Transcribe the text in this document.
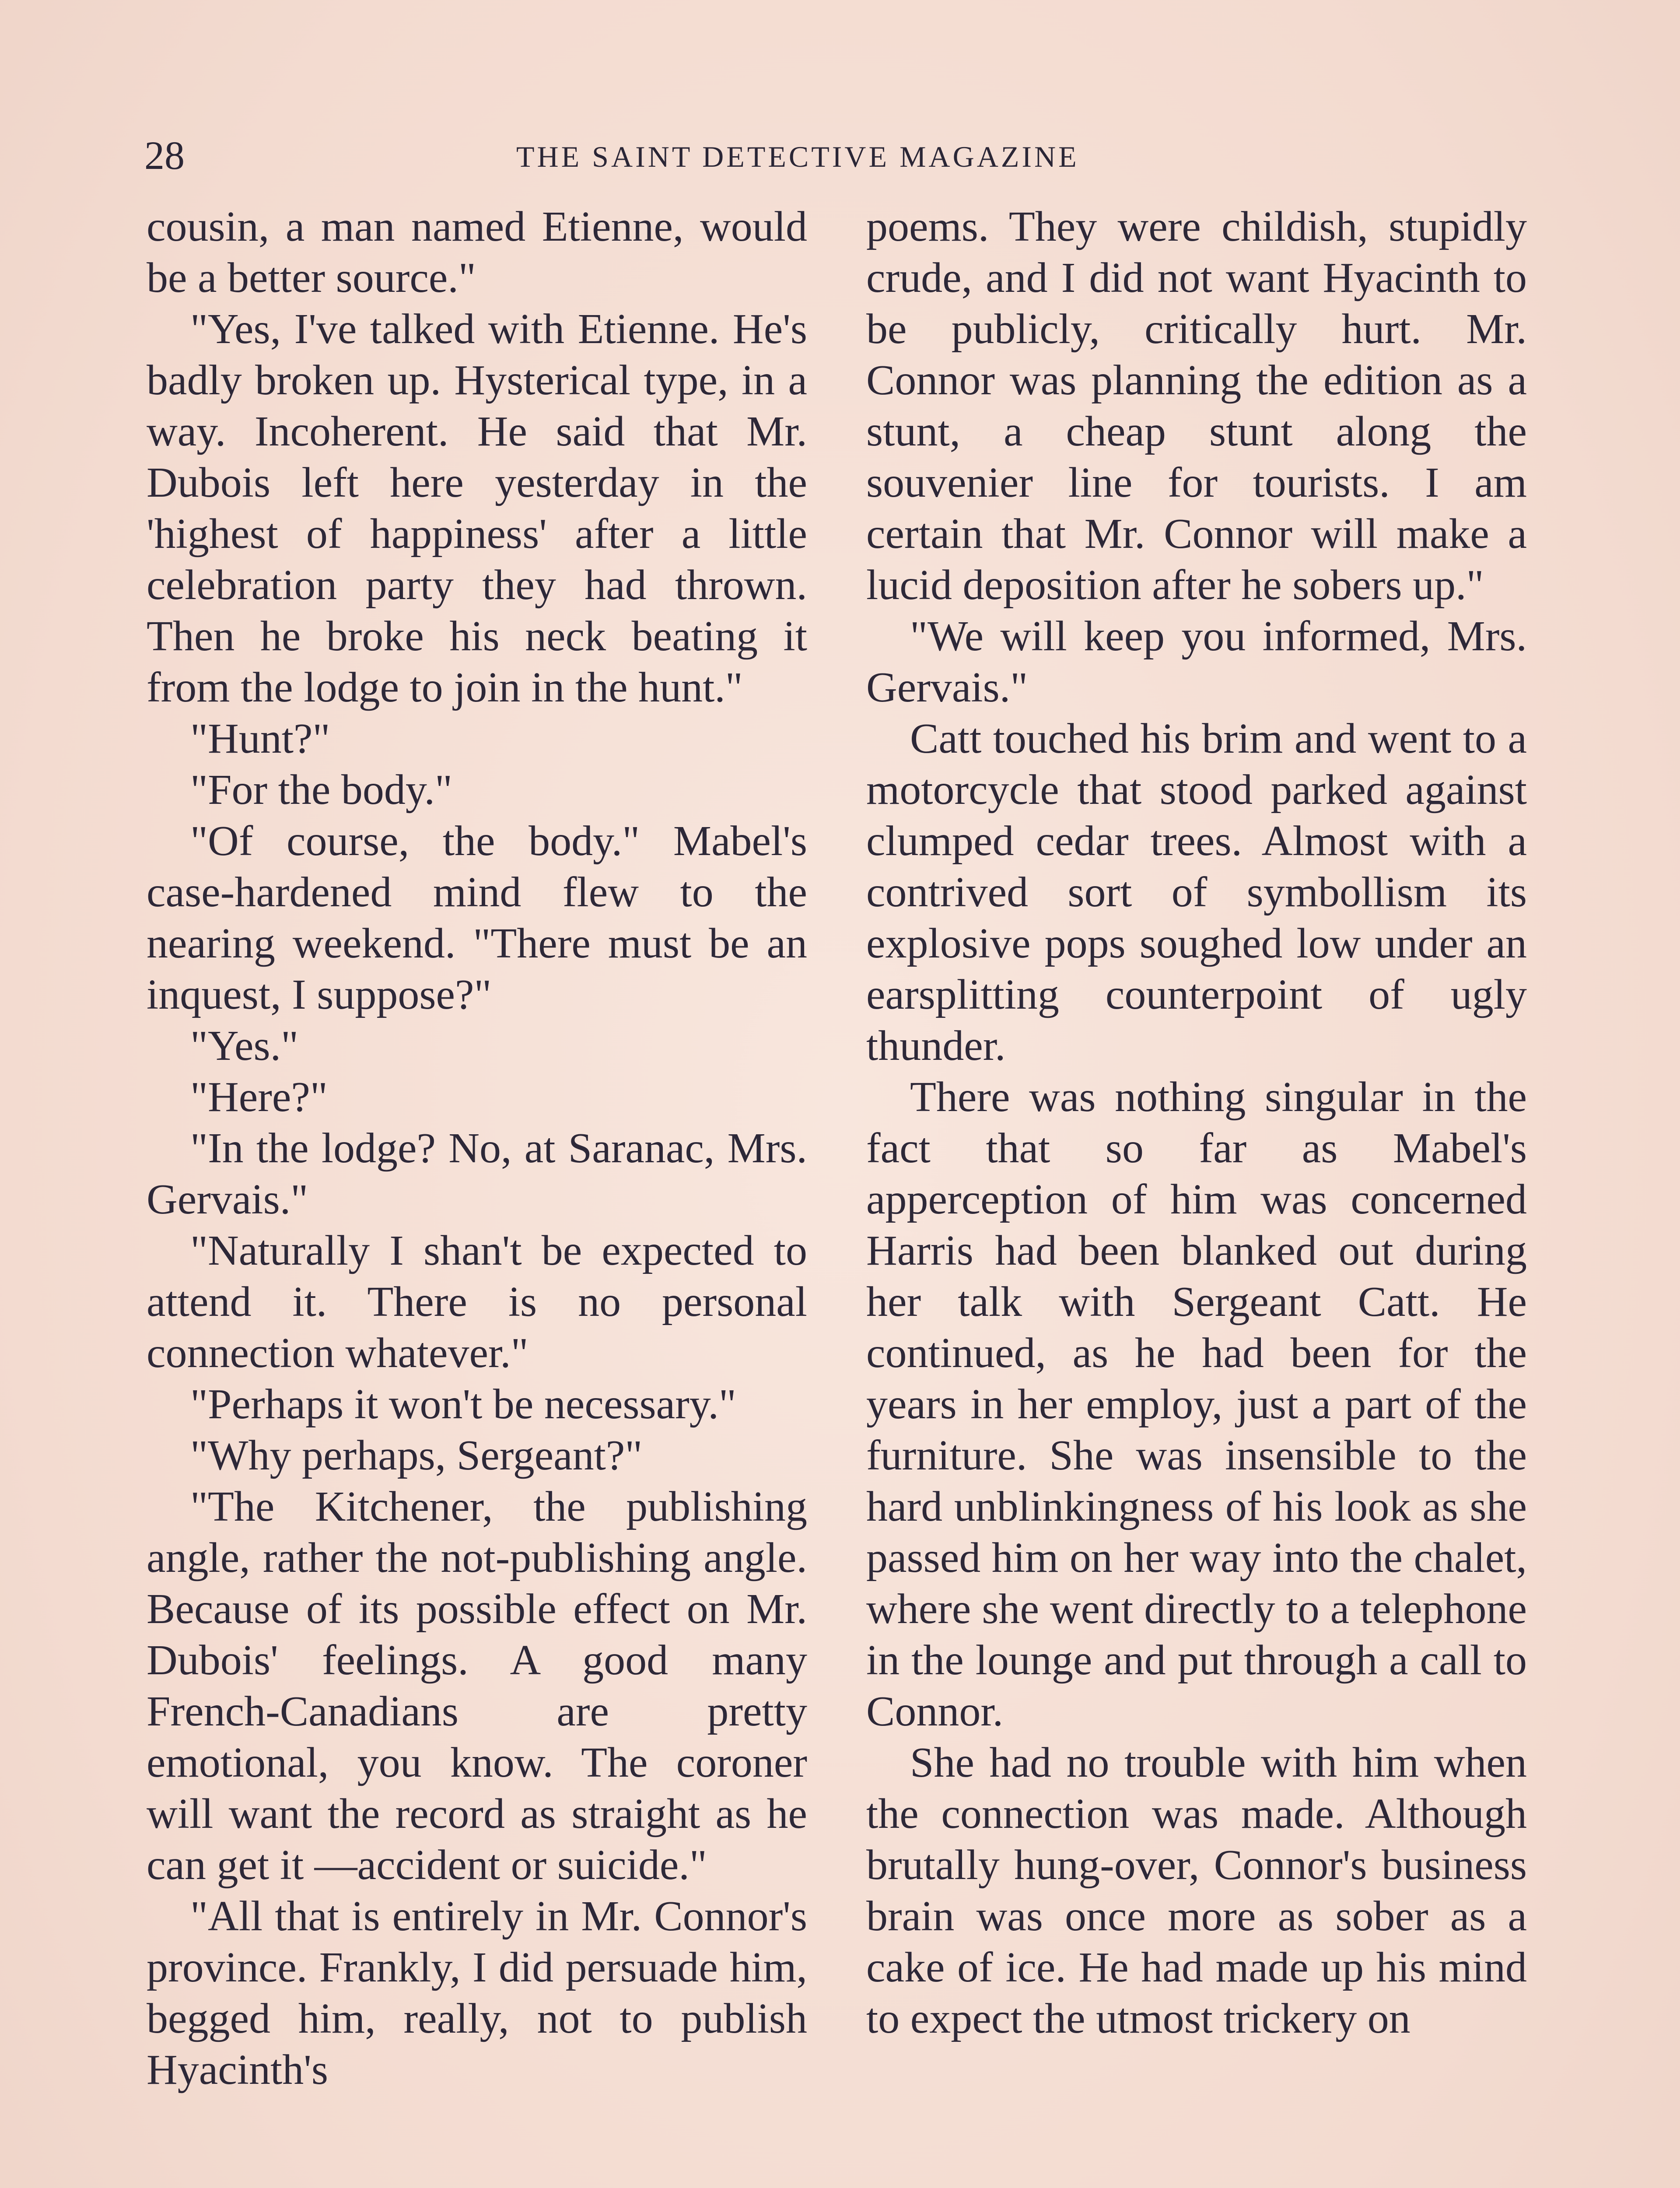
28	THE SAINT DETECTIVE MAGAZINE

cousin, a man named Etienne, would be a better source."

"Yes, I've talked with Etienne. He's badly broken up. Hysterical type, in a way. Incoherent. He said that Mr. Dubois left here yesterday in the 'highest of happiness' after a little celebration party they had thrown. Then he broke his neck beating it from the lodge to join in the hunt."

"Hunt?"

"For the body."

"Of course, the body." Mabel's case-hardened mind flew to the nearing weekend. "There must be an inquest, I suppose?"

"Yes."

"Here?"

"In the lodge? No, at Saranac, Mrs. Gervais."

"Naturally I shan't be expected to attend it. There is no personal connection whatever."

"Perhaps it won't be necessary."

"Why perhaps, Sergeant?"

"The Kitchener, the publishing angle, rather the not-publishing angle. Because of its possible effect on Mr. Dubois' feelings. A good many French-Canadians are pretty emotional, you know. The coroner will want the record as straight as he can get it —accident or suicide."

"All that is entirely in Mr. Connor's province. Frankly, I did persuade him, begged him, really, not to publish Hyacinth's

poems. They were childish, stupidly crude, and I did not want Hyacinth to be publicly, critically hurt. Mr. Connor was planning the edition as a stunt, a cheap stunt along the souvenier line for tourists. I am certain that Mr. Connor will make a lucid deposition after he sobers up."

"We will keep you informed, Mrs. Gervais."

Catt touched his brim and went to a motorcycle that stood parked against clumped cedar trees. Almost with a contrived sort of symbollism its explosive pops soughed low under an earsplitting counterpoint of ugly thunder.

There was nothing singular in the fact that so far as Mabel's apperception of him was concerned Harris had been blanked out during her talk with Sergeant Catt. He continued, as he had been for the years in her employ, just a part of the furniture. She was insensible to the hard unblinkingness of his look as she passed him on her way into the chalet, where she went directly to a telephone in the lounge and put through a call to Connor.

She had no trouble with him when the connection was made. Although brutally hung-over, Connor's business brain was once more as sober as a cake of ice. He had made up his mind to expect the utmost trickery on
